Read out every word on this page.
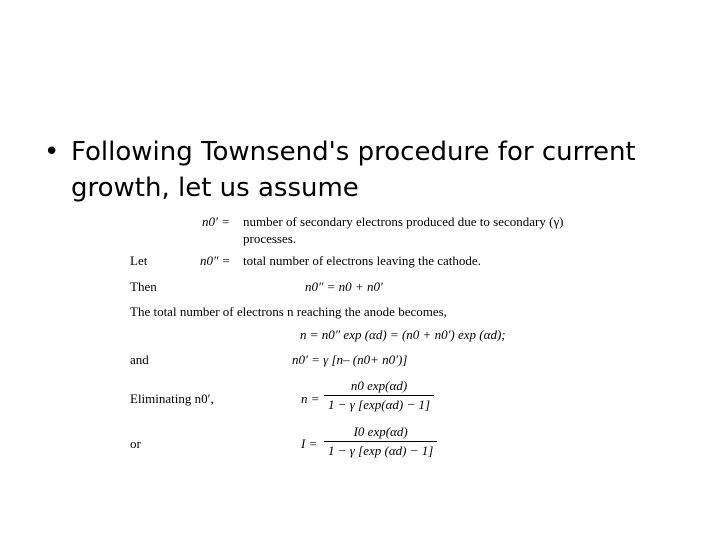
• Following Townsend's procedure for current growth, let us assume
n0′ = number of secondary electrons produced due to secondary (γ)
processes.
Let	n0″ = total number of electrons leaving the cathode.
Then	n0″ = n0 + n0′
The total number of electrons n reaching the anode becomes,
n = n0″ exp (αd) = (n0 + n0′) exp (αd);
and	n0′ = γ [n– (n0+ n0′)]
Eliminating n0′,	$n = \frac{n0 \exp(\alpha d)}{1 - \gamma [\exp(\alpha d) - 1]}$
or	$I = \frac{I0 \exp(\alpha d)}{1 - \gamma [\exp (\alpha d) - 1]}$
